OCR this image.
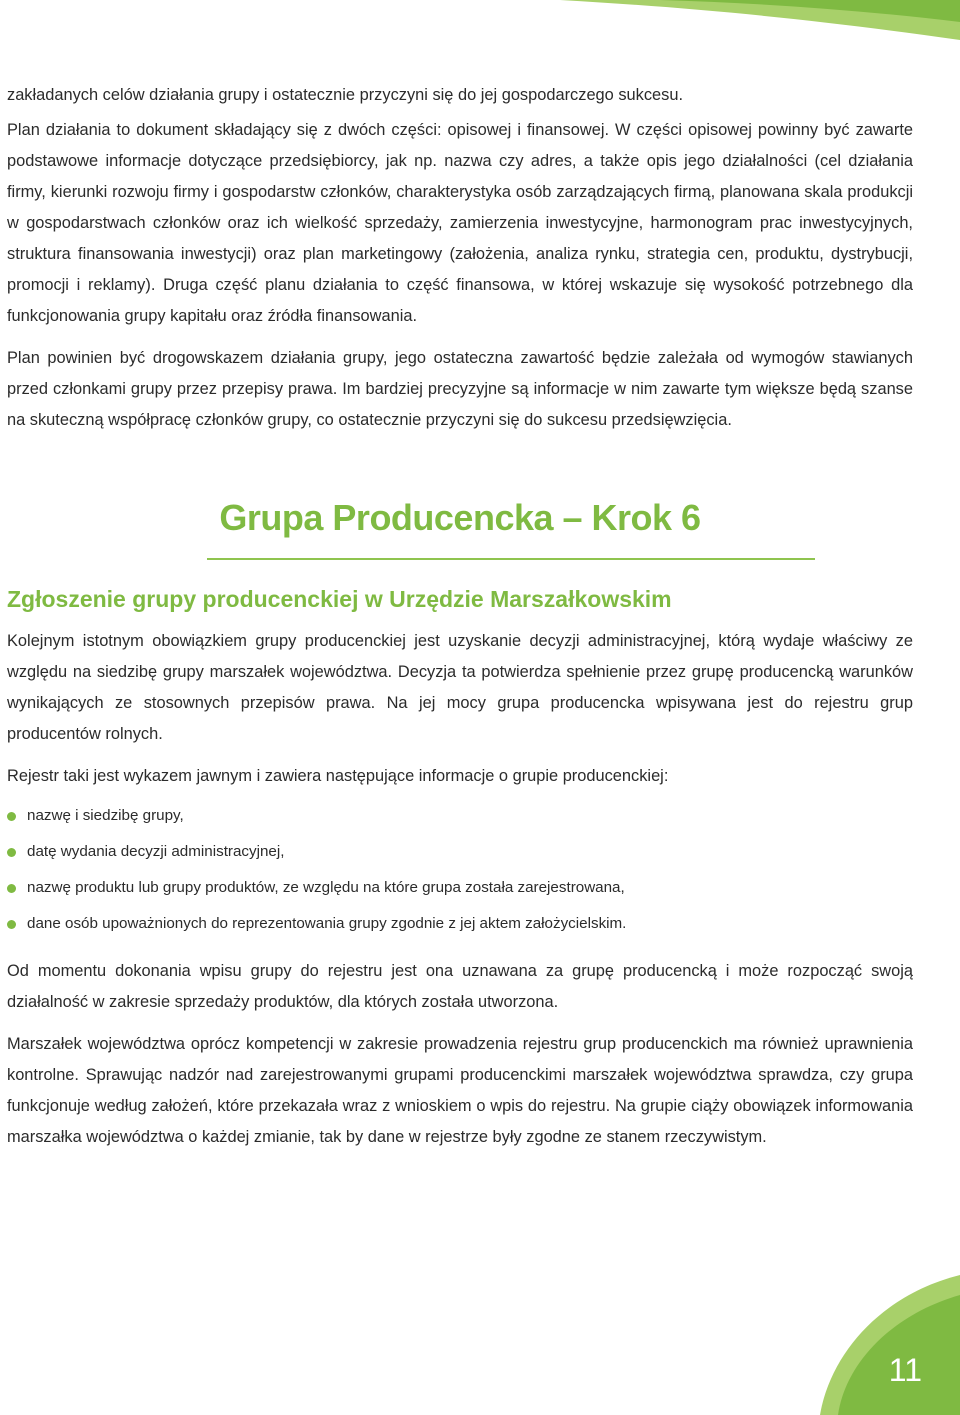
zakładanych celów działania grupy i ostatecznie przyczyni się do jej gospodarczego sukcesu.

Plan działania to dokument składający się z dwóch części: opisowej i finansowej. W części opisowej powinny być zawarte podstawowe informacje dotyczące przedsiębiorcy, jak np. nazwa czy adres, a także opis jego działalności (cel działania firmy, kierunki rozwoju firmy i gospodarstw członków, charakterystyka osób zarządzających firmą, planowana skala produkcji w gospodarstwach członków oraz ich wielkość sprzedaży, zamierzenia inwestycyjne, harmonogram prac inwestycyjnych, struktura finansowania inwestycji) oraz plan marketingowy (założenia, analiza rynku, strategia cen, produktu, dystrybucji, promocji i reklamy). Druga część planu działania to część finansowa, w której wskazuje się wysokość potrzebnego dla funkcjonowania grupy kapitału oraz źródła finansowania.

Plan powinien być drogowskazem działania grupy, jego ostateczna zawartość będzie zależała od wymogów stawianych przed członkami grupy przez przepisy prawa. Im bardziej precyzyjne są informacje w nim zawarte tym większe będą szanse na skuteczną współpracę członków grupy, co ostatecznie przyczyni się do sukcesu przedsięwzięcia.

Grupa Producencka – Krok 6
Zgłoszenie grupy producenckiej w Urzędzie Marszałkowskim

Kolejnym istotnym obowiązkiem grupy producenckiej jest uzyskanie decyzji administracyjnej, którą wydaje właściwy ze względu na siedzibę grupy marszałek województwa. Decyzja ta potwierdza spełnienie przez grupę producencką warunków wynikających ze stosownych przepisów prawa. Na jej mocy grupa producencka wpisywana jest do rejestru grup producentów rolnych.

Rejestr taki jest wykazem jawnym i zawiera następujące informacje o grupie producenckiej:

nazwę i siedzibę grupy,
datę wydania decyzji administracyjnej,
nazwę produktu lub grupy produktów, ze względu na które grupa została zarejestrowana,
dane osób upoważnionych do reprezentowania grupy zgodnie z jej aktem założycielskim.

Od momentu dokonania wpisu grupy do rejestru jest ona uznawana za grupę producencką i może rozpocząć swoją działalność w zakresie sprzedaży produktów, dla których została utworzona.

Marszałek województwa oprócz kompetencji w zakresie prowadzenia rejestru grup producenckich ma również uprawnienia kontrolne. Sprawując nadzór nad zarejestrowanymi grupami producenckimi marszałek województwa sprawdza, czy grupa funkcjonuje według założeń, które przekazała wraz z wnioskiem o wpis do rejestru. Na grupie ciąży obowiązek informowania marszałka województwa o każdej zmianie, tak by dane w rejestrze były zgodne ze stanem rzeczywistym.

11
